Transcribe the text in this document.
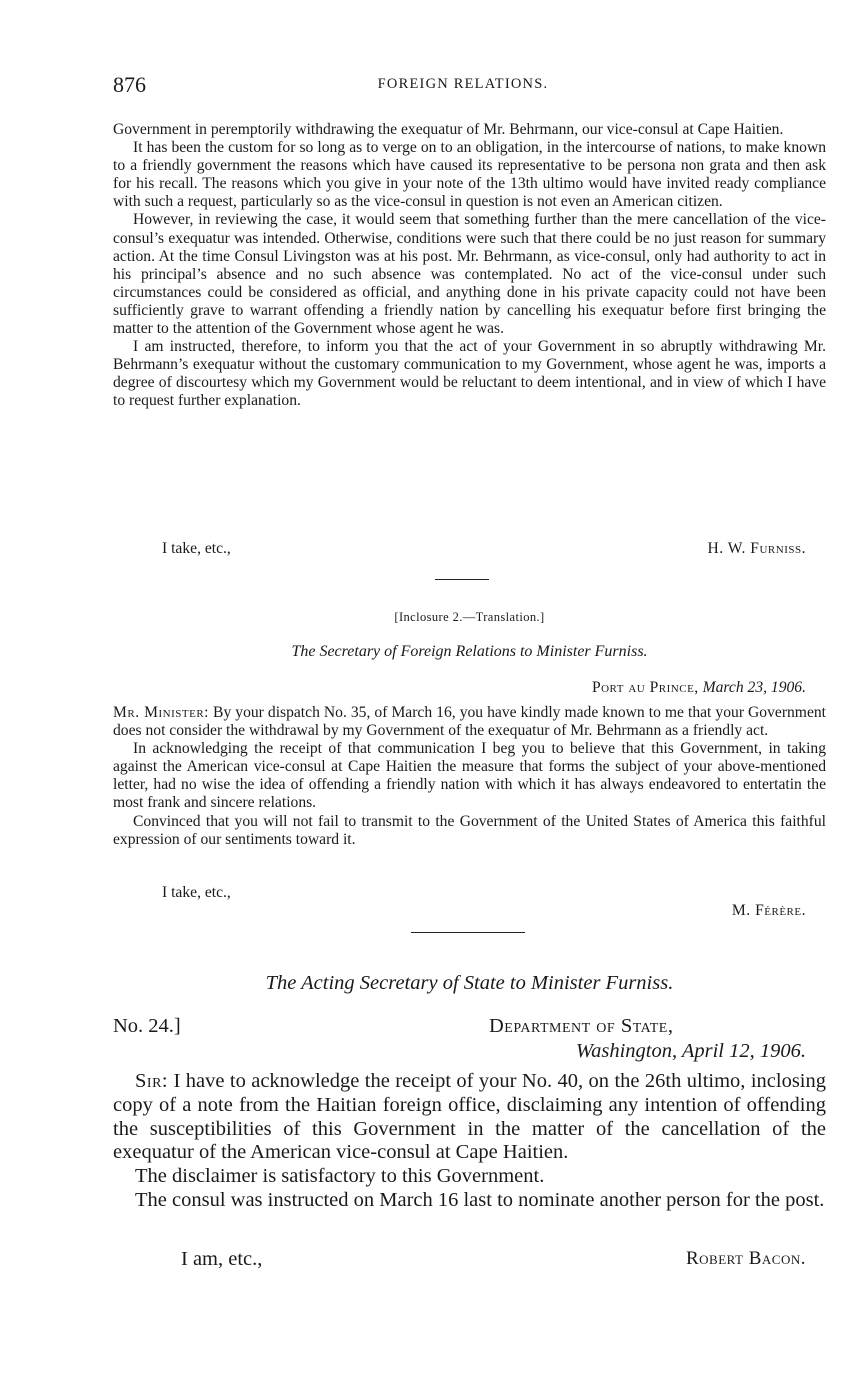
876	FOREIGN RELATIONS.

Government in peremptorily withdrawing the exequatur of Mr. Behrmann, our vice-consul at Cape Haitien.

It has been the custom for so long as to verge on to an obligation, in the intercourse of nations, to make known to a friendly government the reasons which have caused its representative to be persona non grata and then ask for his recall. The reasons which you give in your note of the 13th ultimo would have invited ready compliance with such a request, particularly so as the vice-consul in question is not even an American citizen.

However, in reviewing the case, it would seem that something further than the mere cancellation of the vice-consul’s exequatur was intended. Otherwise, conditions were such that there could be no just reason for summary action. At the time Consul Livingston was at his post. Mr. Behrmann, as vice-consul, only had authority to act in his principal’s absence and no such absence was contemplated. No act of the vice-consul under such circumstances could be considered as official, and anything done in his private capacity could not have been sufficiently grave to warrant offending a friendly nation by cancelling his exequatur before first bringing the matter to the attention of the Government whose agent he was.

I am instructed, therefore, to inform you that the act of your Government in so abruptly withdrawing Mr. Behrmann’s exequatur without the customary communication to my Government, whose agent he was, imports a degree of discourtesy which my Government would be reluctant to deem intentional, and in view of which I have to request further explanation.

I take, etc.,	H. W. Furniss.
[Inclosure 2.—Translation.]
The Secretary of Foreign Relations to Minister Furniss.
Port au Prince, March 23, 1906.

Mr. Minister: By your dispatch No. 35, of March 16, you have kindly made known to me that your Government does not consider the withdrawal by my Government of the exequatur of Mr. Behrmann as a friendly act.

In acknowledging the receipt of that communication I beg you to believe that this Government, in taking against the American vice-consul at Cape Haitien the measure that forms the subject of your above-mentioned letter, had no wise the idea of offending a friendly nation with which it has always endeavored to entertatin the most frank and sincere relations.

Convinced that you will not fail to transmit to the Government of the United States of America this faithful expression of our sentiments toward it.

I take, etc.,
M. Férère.
The Acting Secretary of State to Minister Furniss.
No. 24.]	Department of State,
Washington, April 12, 1906.

Sir: I have to acknowledge the receipt of your No. 40, on the 26th ultimo, inclosing copy of a note from the Haitian foreign office, disclaiming any intention of offending the susceptibilities of this Government in the matter of the cancellation of the exequatur of the American vice-consul at Cape Haitien.

The disclaimer is satisfactory to this Government.

The consul was instructed on March 16 last to nominate another person for the post.

I am, etc.,	Robert Bacon.
